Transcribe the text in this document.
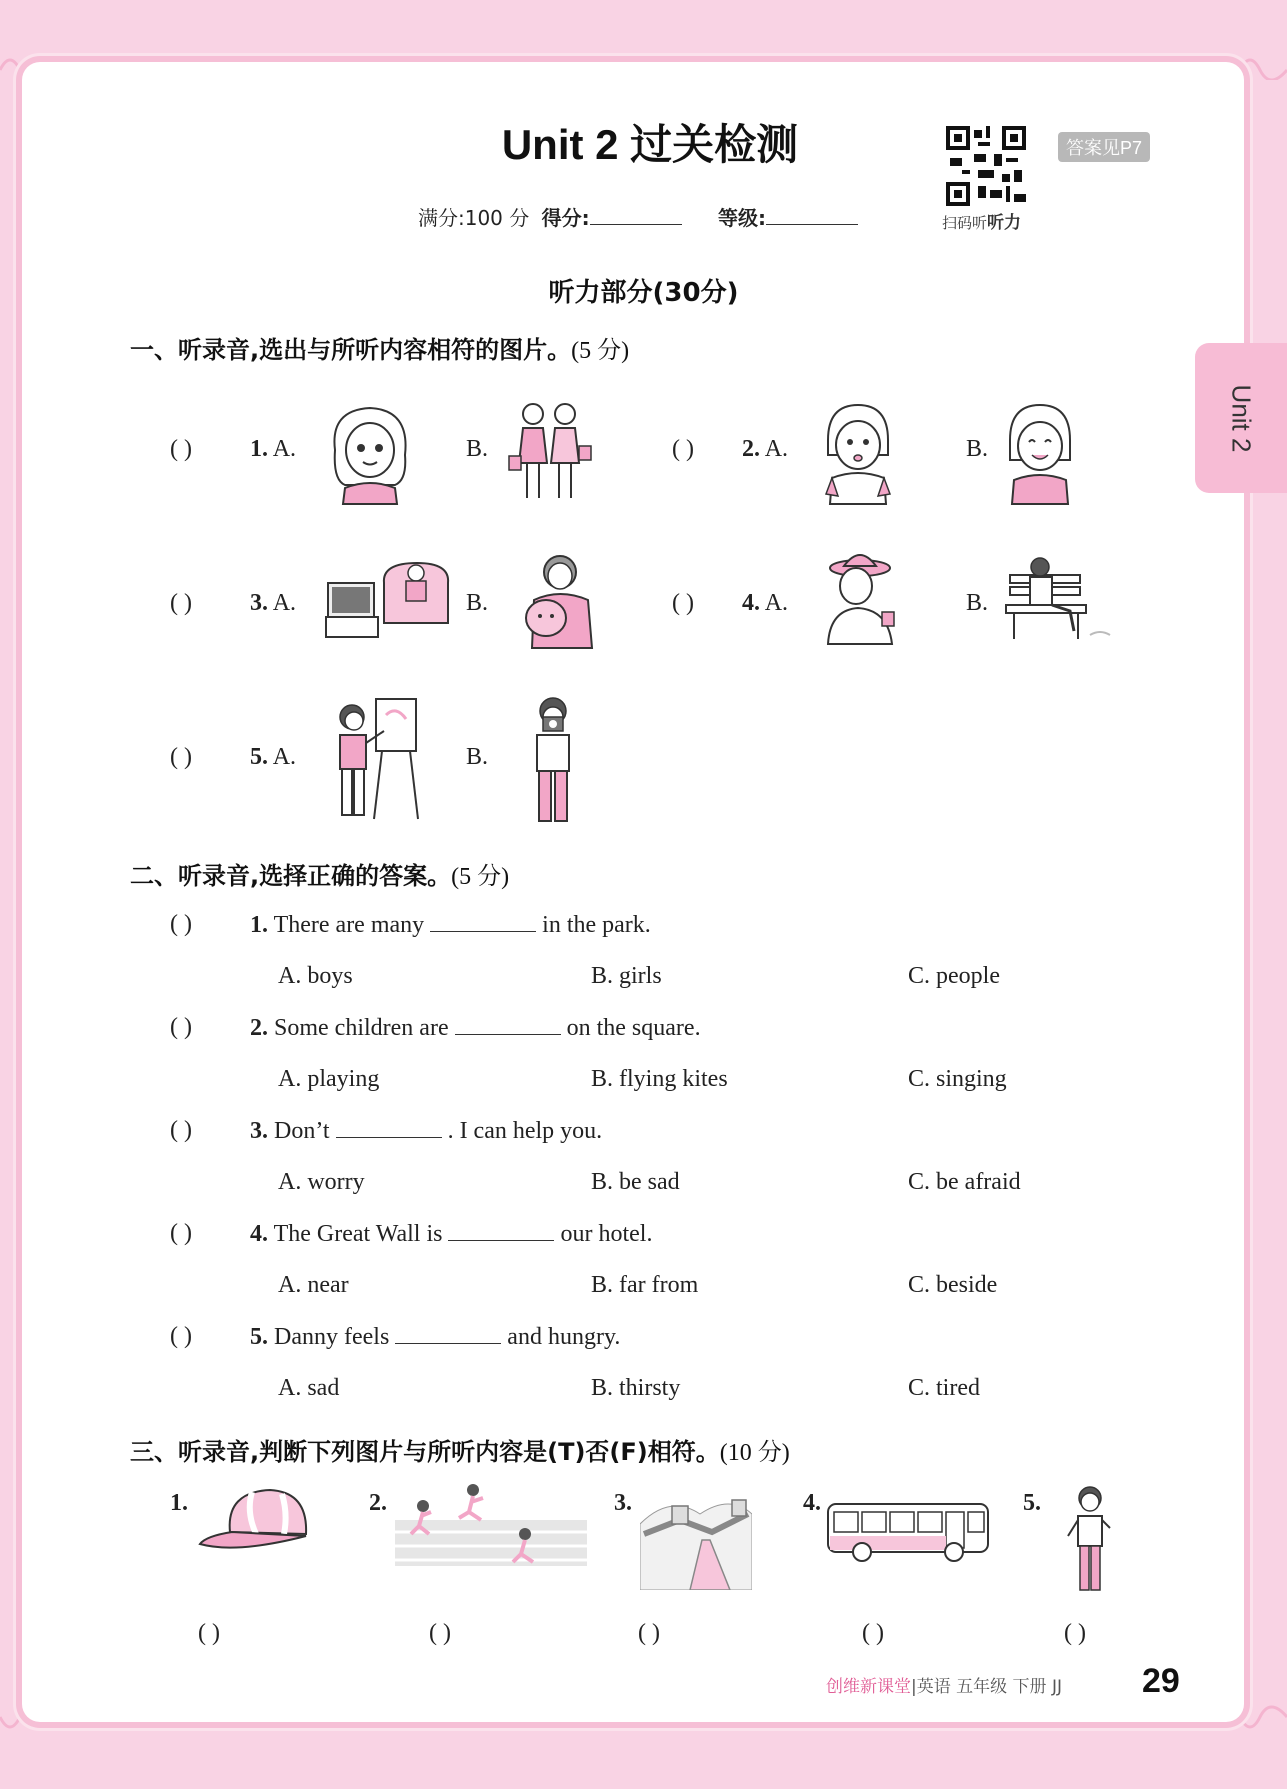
Unit 2
Unit 2 过关检测
扫码听听力
答案见P7
满分:100 分 得分:	等级:
听力部分(30分)
一、听录音,选出与所听内容相符的图片。(5 分)
( ) 1. A.	B.	( ) 2. A.	B.
( ) 3. A.	B.	( ) 4. A.	B.
( ) 5. A.	B.
二、听录音,选择正确的答案。(5 分)
( ) 1. There are many	in the park.
A. boys	B. girls	C. people
( ) 2. Some children are	on the square.
A. playing	B. flying kites	C. singing
( ) 3. Don’t	. I can help you.
A. worry	B. be sad	C. be afraid
( ) 4. The Great Wall is	our hotel.
A. near	B. far from	C. beside
( ) 5. Danny feels	and hungry.
A. sad	B. thirsty	C. tired
三、听录音,判断下列图片与所听内容是(T)否(F)相符。(10 分)
1.
( )
2.
( )
3.
( )
4.
( )
5.
( )
创维新课堂|英语 五年级 下册 JJ 29
